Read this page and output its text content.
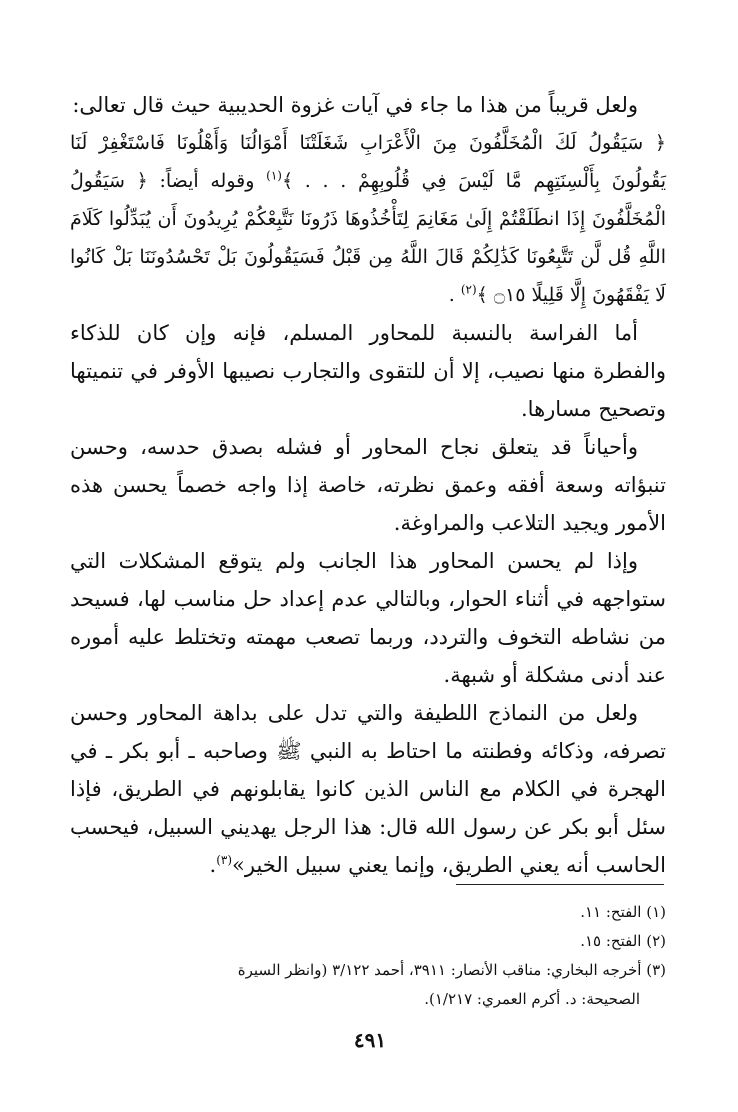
ولعل قريباً من هذا ما جاء في آيات غزوة الحديبية حيث قال تعالى:

﴿ سَيَقُولُ لَكَ الْمُخَلَّفُونَ مِنَ الْأَعْرَابِ شَغَلَتْنَا أَمْوَالُنَا وَأَهْلُونَا فَاسْتَغْفِرْ لَنَا يَقُولُونَ بِأَلْسِنَتِهِم مَّا لَيْسَ فِي قُلُوبِهِمْ . . . ﴾$^{(١)}$ وقوله أيضاً: ﴿ سَيَقُولُ الْمُخَلَّفُونَ إِذَا انطَلَقْتُمْ إِلَىٰ مَغَانِمَ لِتَأْخُذُوهَا ذَرُونَا نَتَّبِعْكُمْ يُرِيدُونَ أَن يُبَدِّلُوا كَلَامَ اللَّهِ قُل لَّن تَتَّبِعُونَا كَذَٰلِكُمْ قَالَ اللَّهُ مِن قَبْلُ فَسَيَقُولُونَ بَلْ تَحْسُدُونَنَا بَلْ كَانُوا لَا يَفْقَهُونَ إِلَّا قَلِيلًا ۝١٥ ﴾$^{(٢)}$ .

أما الفراسة بالنسبة للمحاور المسلم، فإنه وإن كان للذكاء والفطرة منها نصيب، إلا أن للتقوى والتجارب نصيبها الأوفر في تنميتها وتصحيح مسارها.

وأحياناً قد يتعلق نجاح المحاور أو فشله بصدق حدسه، وحسن تنبؤاته وسعة أفقه وعمق نظرته، خاصة إذا واجه خصماً يحسن هذه الأمور ويجيد التلاعب والمراوغة.

وإذا لم يحسن المحاور هذا الجانب ولم يتوقع المشكلات التي ستواجهه في أثناء الحوار، وبالتالي عدم إعداد حل مناسب لها، فسيحد من نشاطه التخوف والتردد، وربما تصعب مهمته وتختلط عليه أموره عند أدنى مشكلة أو شبهة.

ولعل من النماذج اللطيفة والتي تدل على بداهة المحاور وحسن تصرفه، وذكائه وفطنته ما احتاط به النبي ﷺ وصاحبه ـ أبو بكر ـ في الهجرة في الكلام مع الناس الذين كانوا يقابلونهم في الطريق، فإذا سئل أبو بكر عن رسول الله قال: هذا الرجل يهديني السبيل، فيحسب الحاسب أنه يعني الطريق، وإنما يعني سبيل الخير»$^{(٣)}$.

(١) الفتح: ١١.

(٢) الفتح: ١٥.

(٣) أخرجه البخاري: مناقب الأنصار: ٣٩١١، أحمد ٣/١٢٢ (وانظر السيرة

الصحيحة: د. أكرم العمري: ١/٢١٧).

٤٩١
